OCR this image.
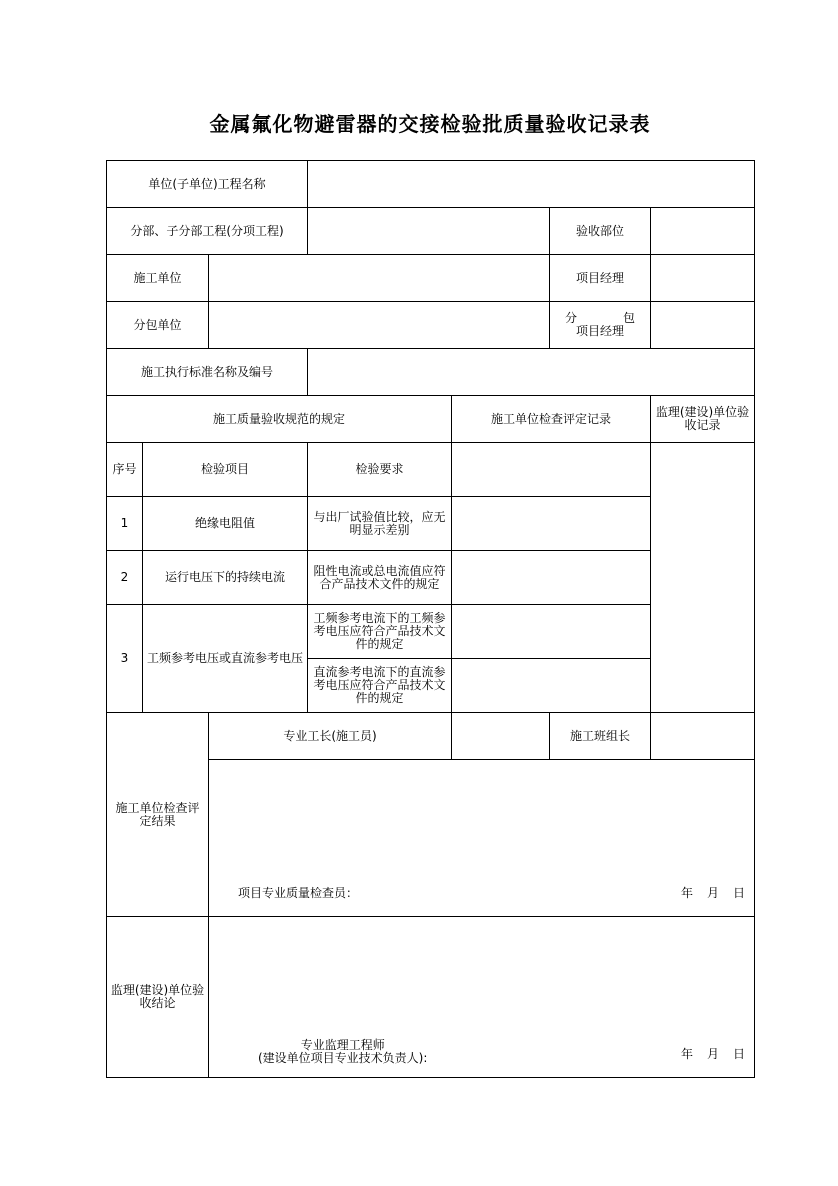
金属氟化物避雷器的交接检验批质量验收记录表
单位(子单位)工程名称						
分部、子分部工程(分项工程)					验收部位	
施工单位					项目经理	
分包单位					分 包
项目经理	

施工执行标准名称及编号						
施工质量验收规范的规定				施工单位检查评定记录		监理(建设)单位验收记录
序号	检验项目		检验要求			
1	绝缘电阻值		与出厂试验值比较，应无明显示差别			
2	运行电压下的持续电流		阻性电流或总电流值应符合产品技术文件的规定			
3	工频参考电压或直流参考电压		工频参考电流下的工频参考电压应符合产品技术文件的规定			
			直流参考电流下的直流参考电压应符合产品技术文件的规定			
施工单位检查评定结果		专业工长(施工员)			施工班组长	

		项目专业质量检查员： 年 月 日				

监理(建设)单位验收结论		专业监理工程师
(建设单位项目专业技术负责人): 年 月 日				
